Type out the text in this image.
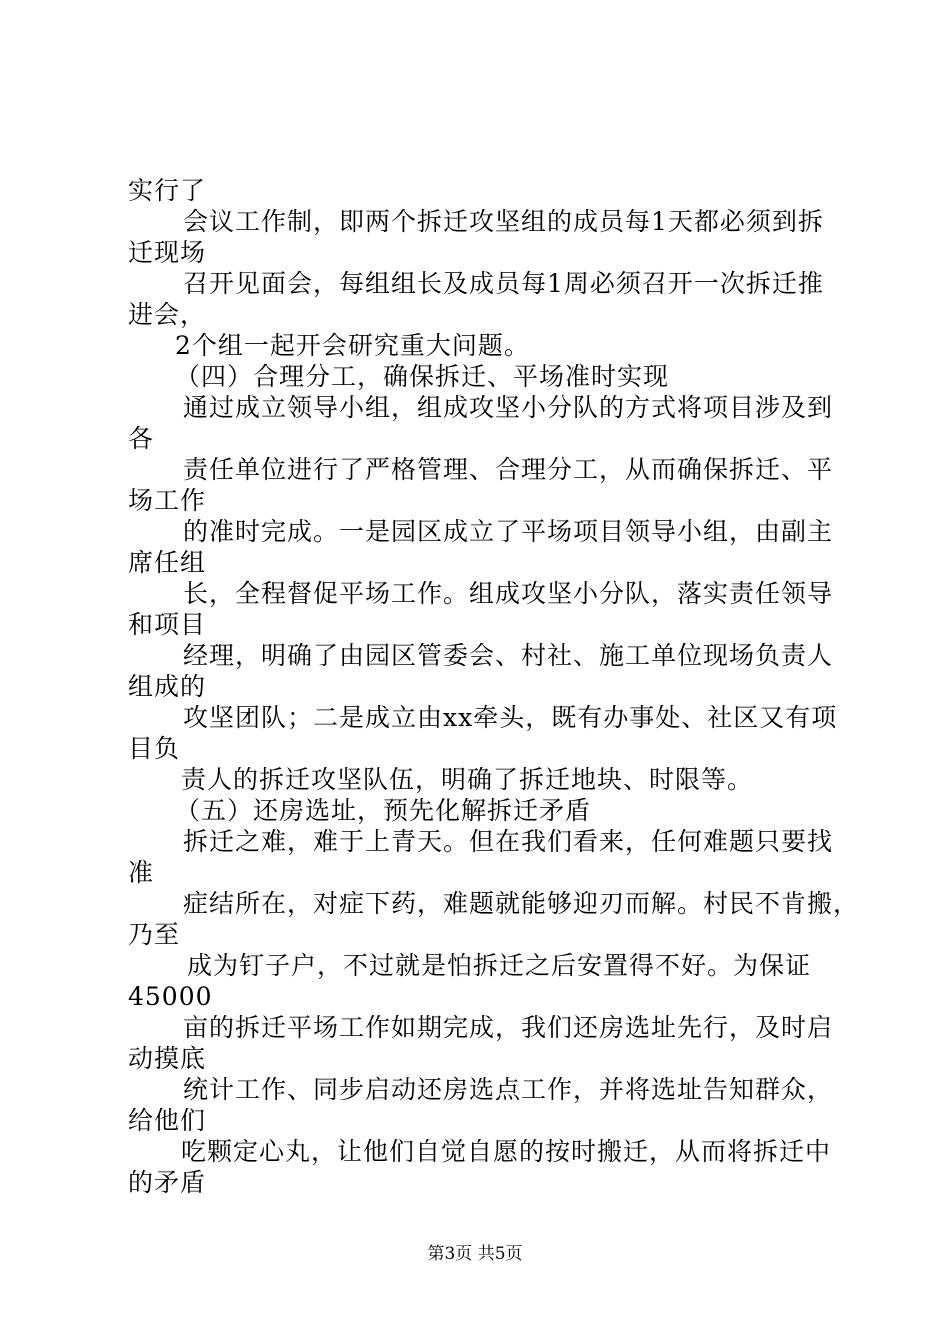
实行了
会议工作制，即两个拆迁攻坚组的成员每1天都必须到拆
迁现场
召开见面会，每组组长及成员每1周必须召开一次拆迁推
进会，
2个组一起开会研究重大问题。
（四）合理分工，确保拆迁、平场准时实现
通过成立领导小组，组成攻坚小分队的方式将项目涉及到
各
责任单位进行了严格管理、合理分工，从而确保拆迁、平
场工作
的准时完成。一是园区成立了平场项目领导小组，由副主
席任组
长，全程督促平场工作。组成攻坚小分队，落实责任领导
和项目
经理，明确了由园区管委会、村社、施工单位现场负责人
组成的
攻坚团队；二是成立由xx牵头，既有办事处、社区又有项
目负
责人的拆迁攻坚队伍，明确了拆迁地块、时限等。
（五）还房选址，预先化解拆迁矛盾
拆迁之难，难于上青天。但在我们看来，任何难题只要找
准
症结所在，对症下药，难题就能够迎刃而解。村民不肯搬，
乃至
成为钉子户，不过就是怕拆迁之后安置得不好。为保证
45000
亩的拆迁平场工作如期完成，我们还房选址先行，及时启
动摸底
统计工作、同步启动还房选点工作，并将选址告知群众，
给他们
吃颗定心丸，让他们自觉自愿的按时搬迁，从而将拆迁中
的矛盾
第3页 共5页
